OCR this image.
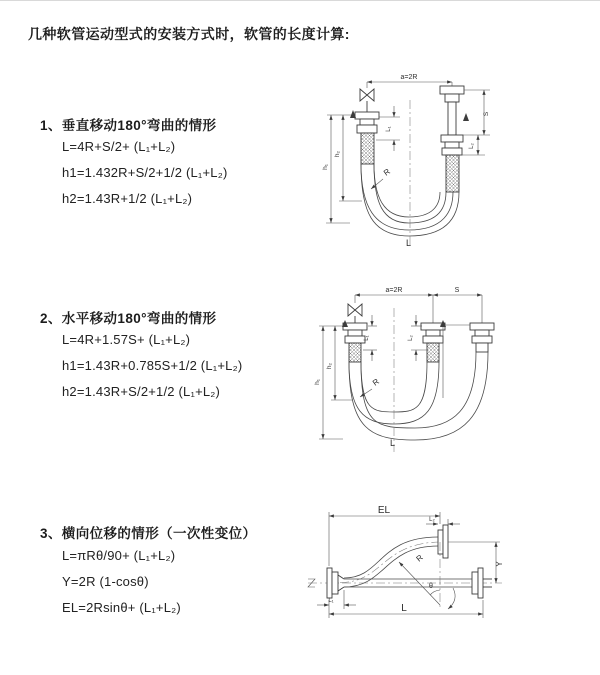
几种软管运动型式的安装方式时，软管的长度计算:
1、垂直移动180°弯曲的情形
L=4R+S/2+ (L₁+L₂)
h1=1.432R+S/2+1/2 (L₁+L₂)
h2=1.43R+1/2 (L₁+L₂)
2、水平移动180°弯曲的情形
L=4R+1.57S+ (L₁+L₂)
h1=1.43R+0.785S+1/2 (L₁+L₂)
h2=1.43R+S/2+1/2 (L₁+L₂)
3、横向位移的情形（一次性变位）
L=πRθ/90+ (L₁+L₂)
Y=2R (1-cosθ)
EL=2Rsinθ+ (L₁+L₂)
a=2R
h₁
h₂
L₁
S
L₂
R
L
a=2R	S
h₁
h₂
L₁	L₂
R
L
EL
L₂
Y
L
L₁
θ
R
